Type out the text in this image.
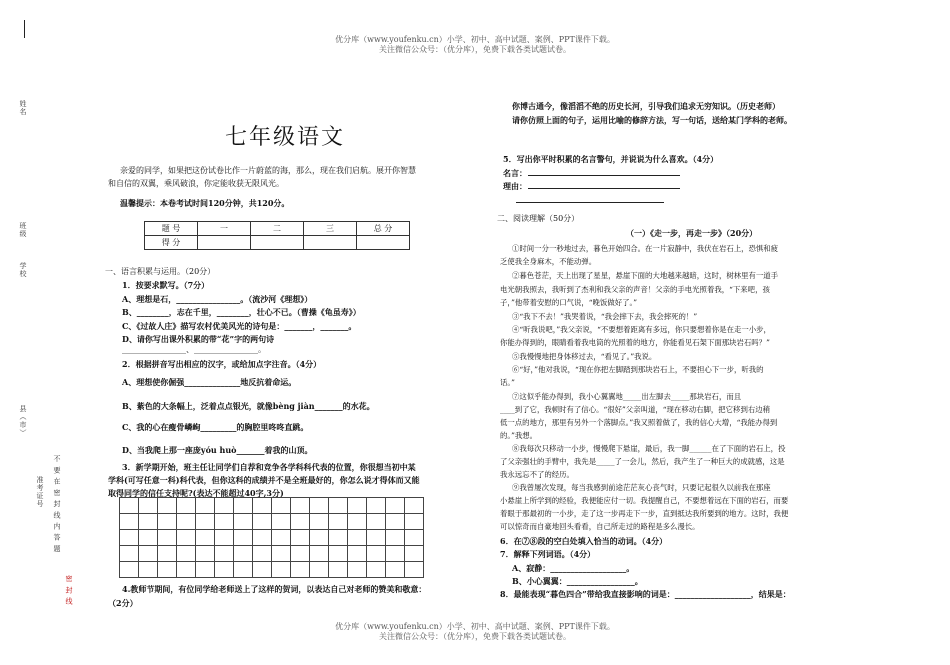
优分库（www.youfenku.cn）小学、初中、高中试题、案例、PPT课件下载。
关注微信公众号：（优分库），免费下载各类试题试卷。
优分库（www.youfenku.cn）小学、初中、高中试题、案例、PPT课件下载。
关注微信公众号：（优分库），免费下载各类试题试卷。
姓名
班级
学校
县（市）
准考证号 不 要 在 密 封 线 内 答 题
密 封 线
七年级语文
亲爱的同学，如果把这份试卷比作一片蔚蓝的海，那么，现在我们启航。展开你智慧
和自信的双翼，乘风破浪，你定能收获无限风光。
温馨提示：本卷考试时间120分钟，共120分。
题 号	一	二	三	总 分
得 分				
一、语言积累与运用。（20分）
1．按要求默写。（7分）
A、理想是石，________________。（流沙河《理想》）
B、________，志在千里，________，壮心不已。（曹操《龟虽寿》）
C、《过故人庄》描写农村优美风光的诗句是：_______，_______。
D、请你写出课外积累的带“花”字的两句诗
________________、________________。
2．根据拼音写出相应的汉字，或给加点字注音。（4分）
A、理想使你倔强______________地反抗着命运。
B、紫色的大条幅上，泛着点点银光，就像bèng jiàn_______的水花。
C、我的心在瘦骨嶙峋_________的胸腔里咚咚直跳。
D、当我爬上那一座庞yóu huò_______着我的山顶。
3．新学期开始，班主任让同学们自荐和竞争各学科科代表的位置，你很想当初中某
学科(可写任意一科)科代表，但你这科的成绩并不是全班最好的，你怎么说才得体而又能
取得同学的信任支持呢?(表达不能超过40字,3分)

4.教师节期间，有位同学给老师送上了这样的贺词，以表达自己对老师的赞美和敬意：
（2分）
你博古通今，像滔滔不绝的历史长河，引导我们追求无穷知识。（历史老师）
请你仿照上面的句子，运用比喻的修辞方法，写一句话，送给某门学科的老师。
5．写出你平时积累的名言警句，并说说为什么喜欢。（4分）
名言：
理由：
二、阅读理解（50分）
（一）《走一步，再走一步》（20分）
①时间一分一秒地过去，暮色开始四合。在一片寂静中，我伏在岩石上，恐惧和疲
乏使我全身麻木，不能动弹。
②暮色苍茫，天上出现了星星，悬崖下面的大地越来越暗，这时，树林里有一道手
电光朝我照去，我听到了杰利和我父亲的声音！父亲的手电光照着我，“下来吧，孩
子，”他带着安慰的口气说，“晚饭做好了。”
③“我下不去！”我哭着说，“我会摔下去，我会摔死的！”
④“听我说吧，”我父亲说，“不要想着距离有多远，你只要想着你是在走一小步，
你能办得到的，眼睛看着我电筒的光照着的地方，你能看见石架下面那块岩石吗？”
⑤我慢慢地把身体移过去，“看见了。”我说。
⑥“好，”他对我说，“现在你把左脚踏到那块岩石上，不要担心下一步，听我的
话。”
⑦这似乎能办得到，我小心翼翼地_____出左脚去_____那块岩石，而且
____到了它，我顿时有了信心。“很好”父亲叫道，“现在移动右脚，把它移到右边稍
低一点的地方，那里有另外一个落脚点。”我又照着做了，我的信心大增，“我能办得到
的。”我想。
⑧我每次只移动一小步，慢慢爬下悬崖，最后，我一脚______在了下面的岩石上，投
了父亲强壮的手臂中，我先是_____了一会儿，然后，我产生了一种巨大的成就感，这是
我永远忘不了的经历。
⑨我曾屡次发现，每当我感到前途茫茫灰心丧气时，只要记起很久以前我在那座
小悬崖上所学到的经验，我便能应付一切。我提醒自己，不要想着远在下面的岩石，而要
着眼于那最初的一小步，走了这一步再走下一步，直到抵达我所要到的地方。这时，我便
可以惊奇而自豪地回头看看，自己所走过的路程是多么漫长。
6．在⑦⑧段的空白处填入恰当的动词。（4分）
7．解释下列词语。（4分）
A、寂静：___________________。
B、小心翼翼：_________________。
8．最能表现“暮色四合”带给我直接影响的词是：___________________，结果是：
